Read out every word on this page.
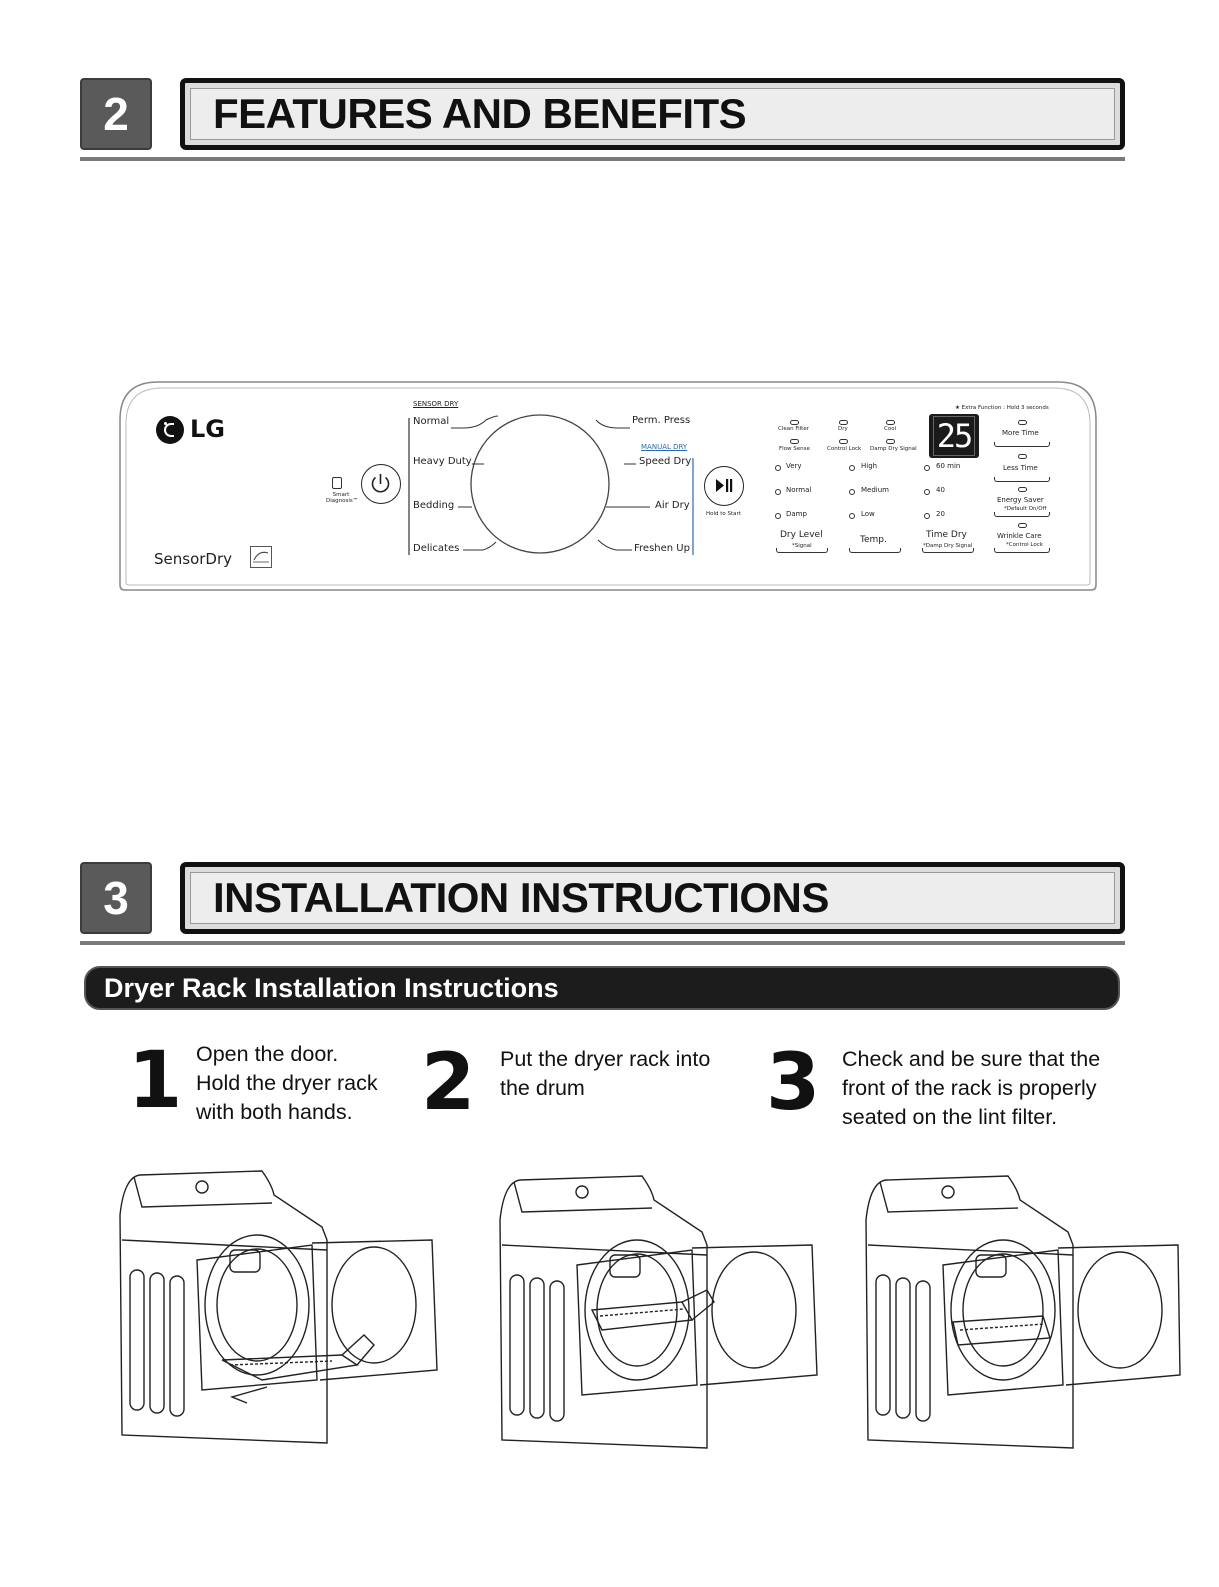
2	FEATURES AND BENEFITS
LG
SensorDry
Smart Diagnosis™
SENSOR DRY
Normal
Heavy Duty
Bedding
Delicates
Perm. Press
MANUAL DRY
Speed Dry
Air Dry
Freshen Up
Hold to Start
★ Extra Function : Hold 3 seconds
Clean Filter	Dry	Cool
Flow Sense	Control Lock Damp Dry Signal 25
Very
Normal
Damp
Dry Level
*Signal
High
Medium
Low
Temp.
60 min
40
20
Time Dry
*Damp Dry Signal
More Time
Less Time
Energy Saver
*Default On/Off
Wrinkle Care
*Control Lock
3	INSTALLATION INSTRUCTIONS
Dryer Rack Installation Instructions
1 Open the door.
Hold the dryer rack
with both hands. 2 Put the dryer rack into
the drum	3 Check and be sure that the
front of the rack is properly
seated on the lint filter.
